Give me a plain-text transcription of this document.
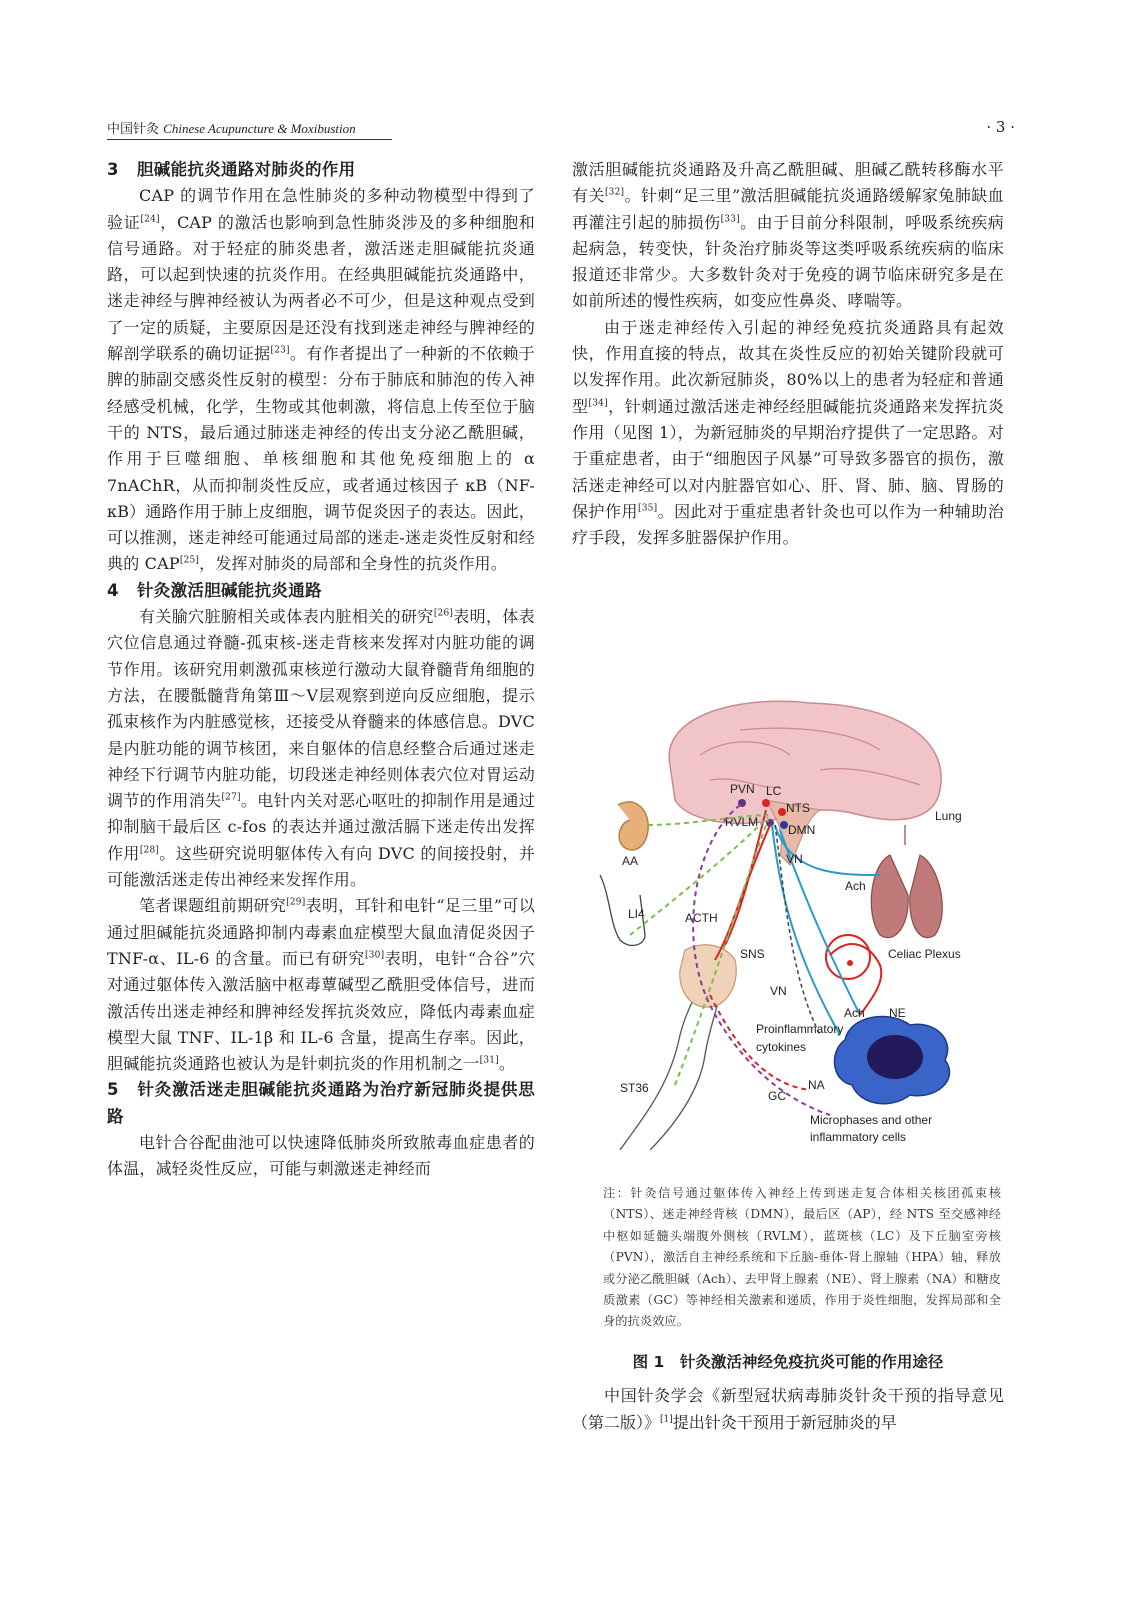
中国针灸 Chinese Acupuncture & Moxibustion	· 3 ·
3 胆碱能抗炎通路对肺炎的作用

CAP 的调节作用在急性肺炎的多种动物模型中得到了验证[24]，CAP 的激活也影响到急性肺炎涉及的多种细胞和信号通路。对于轻症的肺炎患者，激活迷走胆碱能抗炎通路，可以起到快速的抗炎作用。在经典胆碱能抗炎通路中，迷走神经与脾神经被认为两者必不可少，但是这种观点受到了一定的质疑，主要原因是还没有找到迷走神经与脾神经的解剖学联系的确切证据[23]。有作者提出了一种新的不依赖于脾的肺副交感炎性反射的模型：分布于肺底和肺泡的传入神经感受机械，化学，生物或其他刺激，将信息上传至位于脑干的 NTS，最后通过肺迷走神经的传出支分泌乙酰胆碱，作用于巨噬细胞、单核细胞和其他免疫细胞上的 α 7nAChR，从而抑制炎性反应，或者通过核因子 κB（NF-κB）通路作用于肺上皮细胞，调节促炎因子的表达。因此，可以推测，迷走神经可能通过局部的迷走-迷走炎性反射和经典的 CAP[25]，发挥对肺炎的局部和全身性的抗炎作用。

4 针灸激活胆碱能抗炎通路

有关腧穴脏腑相关或体表内脏相关的研究[26]表明，体表穴位信息通过脊髓-孤束核-迷走背核来发挥对内脏功能的调节作用。该研究用刺激孤束核逆行激动大鼠脊髓背角细胞的方法，在腰骶髓背角第Ⅲ～Ⅴ层观察到逆向反应细胞，提示孤束核作为内脏感觉核，还接受从脊髓来的体感信息。DVC 是内脏功能的调节核团，来自躯体的信息经整合后通过迷走神经下行调节内脏功能，切段迷走神经则体表穴位对胃运动调节的作用消失[27]。电针内关对恶心呕吐的抑制作用是通过抑制脑干最后区 c-fos 的表达并通过激活膈下迷走传出发挥作用[28]。这些研究说明躯体传入有向 DVC 的间接投射，并可能激活迷走传出神经来发挥作用。

笔者课题组前期研究[29]表明，耳针和电针“足三里”可以通过胆碱能抗炎通路抑制内毒素血症模型大鼠血清促炎因子 TNF-α、IL-6 的含量。而已有研究[30]表明，电针“合谷”穴对通过躯体传入激活脑中枢毒蕈碱型乙酰胆受体信号，进而激活传出迷走神经和脾神经发挥抗炎效应，降低内毒素血症模型大鼠 TNF、IL-1β 和 IL-6 含量，提高生存率。因此，胆碱能抗炎通路也被认为是针刺抗炎的作用机制之一[31]。

5 针灸激活迷走胆碱能抗炎通路为治疗新冠肺炎提供思路

电针合谷配曲池可以快速降低肺炎所致脓毒血症患者的体温，减轻炎性反应，可能与刺激迷走神经而

激活胆碱能抗炎通路及升高乙酰胆碱、胆碱乙酰转移酶水平有关[32]。针刺“足三里”激活胆碱能抗炎通路缓解家兔肺缺血再灌注引起的肺损伤[33]。由于目前分科限制，呼吸系统疾病起病急，转变快，针灸治疗肺炎等这类呼吸系统疾病的临床报道还非常少。大多数针灸对于免疫的调节临床研究多是在如前所述的慢性疾病，如变应性鼻炎、哮喘等。

由于迷走神经传入引起的神经免疫抗炎通路具有起效快，作用直接的特点，故其在炎性反应的初始关键阶段就可以发挥作用。此次新冠肺炎，80%以上的患者为轻症和普通型[34]，针刺通过激活迷走神经经胆碱能抗炎通路来发挥抗炎作用（见图 1），为新冠肺炎的早期治疗提供了一定思路。对于重症患者，由于“细胞因子风暴”可导致多器官的损伤，激活迷走神经可以对内脏器官如心、肝、肾、肺、脑、胃肠的保护作用[35]。因此对于重症患者针灸也可以作为一种辅助治疗手段，发挥多脏器保护作用。

PVN LC
NTS
RVLM
DMN
AA
LI4
ST36
Lung
ACTH
Celiac Plexus
SNS
VN
VN
Ach
Ach NE
Proinflammatory
cytokines
NA
GC
Microphases and other
inflammatory cells
注：针灸信号通过躯体传入神经上传到迷走复合体相关核团孤束核（NTS）、迷走神经背核（DMN），最后区（AP），经 NTS 至交感神经中枢如延髓头端腹外侧核（RVLM），蓝斑核（LC）及下丘脑室旁核（PVN），激活自主神经系统和下丘脑-垂体-肾上腺轴（HPA）轴，释放或分泌乙酰胆碱（Ach）、去甲肾上腺素（NE）、肾上腺素（NA）和糖皮质激素（GC）等神经相关激素和递质，作用于炎性细胞，发挥局部和全身的抗炎效应。
图 1　针灸激活神经免疫抗炎可能的作用途径

中国针灸学会《新型冠状病毒肺炎针灸干预的指导意见（第二版）》[1]提出针灸干预用于新冠肺炎的早
